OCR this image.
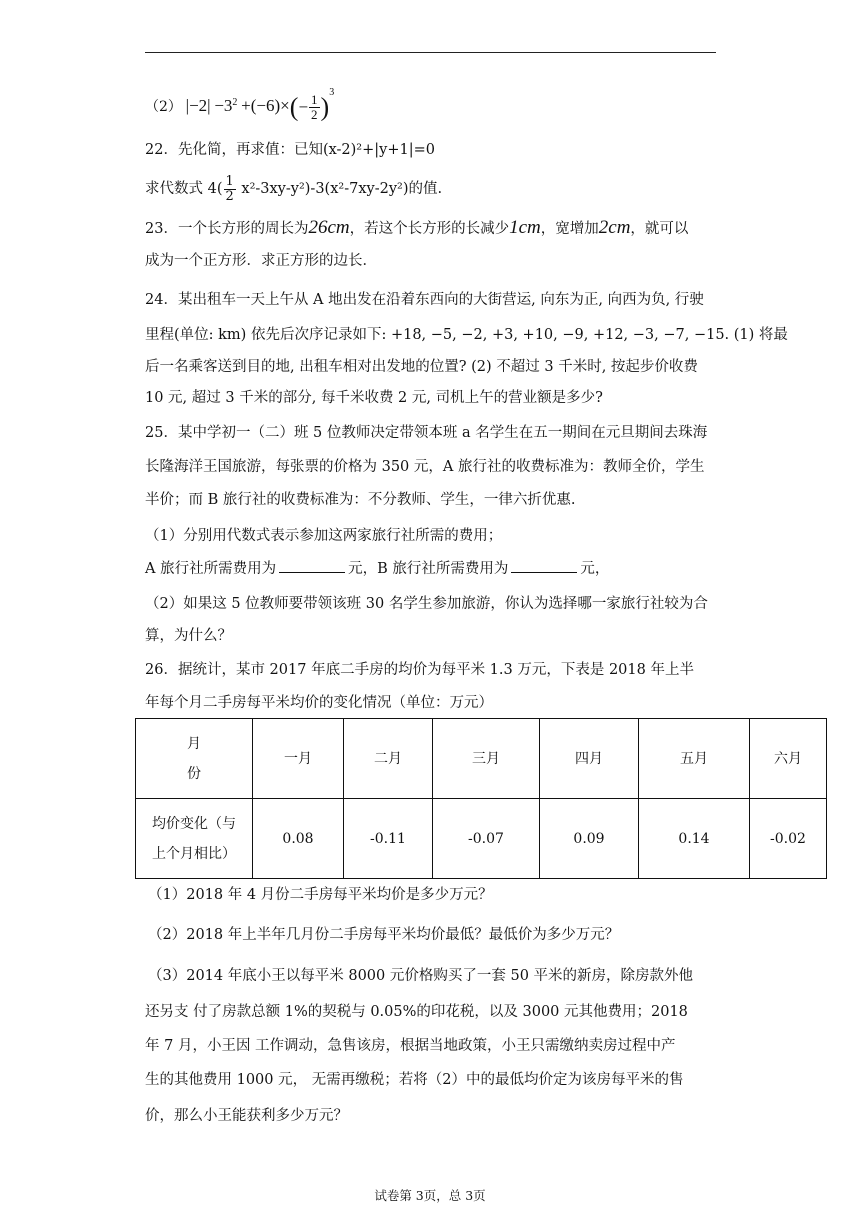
（2） $|-2| -3^2 +(-6)\times(- \frac{1}{2} )^3$
22．先化简，再求值：已知(x-2)²+|y+1|=0
求代数式 $4( \frac{1}{2} x^2-3xy-y^2)-3(x^2-7xy-2y^2)$的值.
23．一个长方形的周长为26cm，若这个长方形的长减少1cm，宽增加2cm，就可以
成为一个正方形．求正方形的边长．
24．某出租车一天上午从 A 地出发在沿着东西向的大街营运, 向东为正, 向西为负, 行驶
里程(单位: km) 依先后次序记录如下: +18, −5, −2, +3, +10, −9, +12, −3, −7, −15. (1) 将最
后一名乘客送到目的地, 出租车相对出发地的位置? (2) 不超过 3 千米时, 按起步价收费
10 元, 超过 3 千米的部分, 每千米收费 2 元, 司机上午的营业额是多少?
25．某中学初一（二）班 5 位教师决定带领本班 a 名学生在五一期间在元旦期间去珠海
长隆海洋王国旅游，每张票的价格为 350 元，A 旅行社的收费标准为：教师全价，学生
半价；而 B 旅行社的收费标准为：不分教师、学生，一律六折优惠.
（1）分别用代数式表示参加这两家旅行社所需的费用；
A 旅行社所需费用为	元，B 旅行社所需费用为	元，
（2）如果这 5 位教师要带领该班 30 名学生参加旅游，你认为选择哪一家旅行社较为合
算，为什么？
26．据统计，某市 2017 年底二手房的均价为每平米 1.3 万元，下表是 2018 年上半
年每个月二手房每平米均价的变化情况（单位：万元）
月
份	一月	二月	三月	四月	五月	六月

均价变化（与
上个月相比）	0.08	-0.11	-0.07	0.09	0.14	-0.02
（1）2018 年 4 月份二手房每平米均价是多少万元？
（2）2018 年上半年几月份二手房每平米均价最低？最低价为多少万元？
（3）2014 年底小王以每平米 8000 元价格购买了一套 50 平米的新房，除房款外他
还另支 付了房款总额 1%的契税与 0.05%的印花税，以及 3000 元其他费用；2018
年 7 月，小王因 工作调动，急售该房，根据当地政策，小王只需缴纳卖房过程中产
生的其他费用 1000 元， 无需再缴税；若将（2）中的最低均价定为该房每平米的售
价，那么小王能获利多少万元？
试卷第 3页，总 3页
